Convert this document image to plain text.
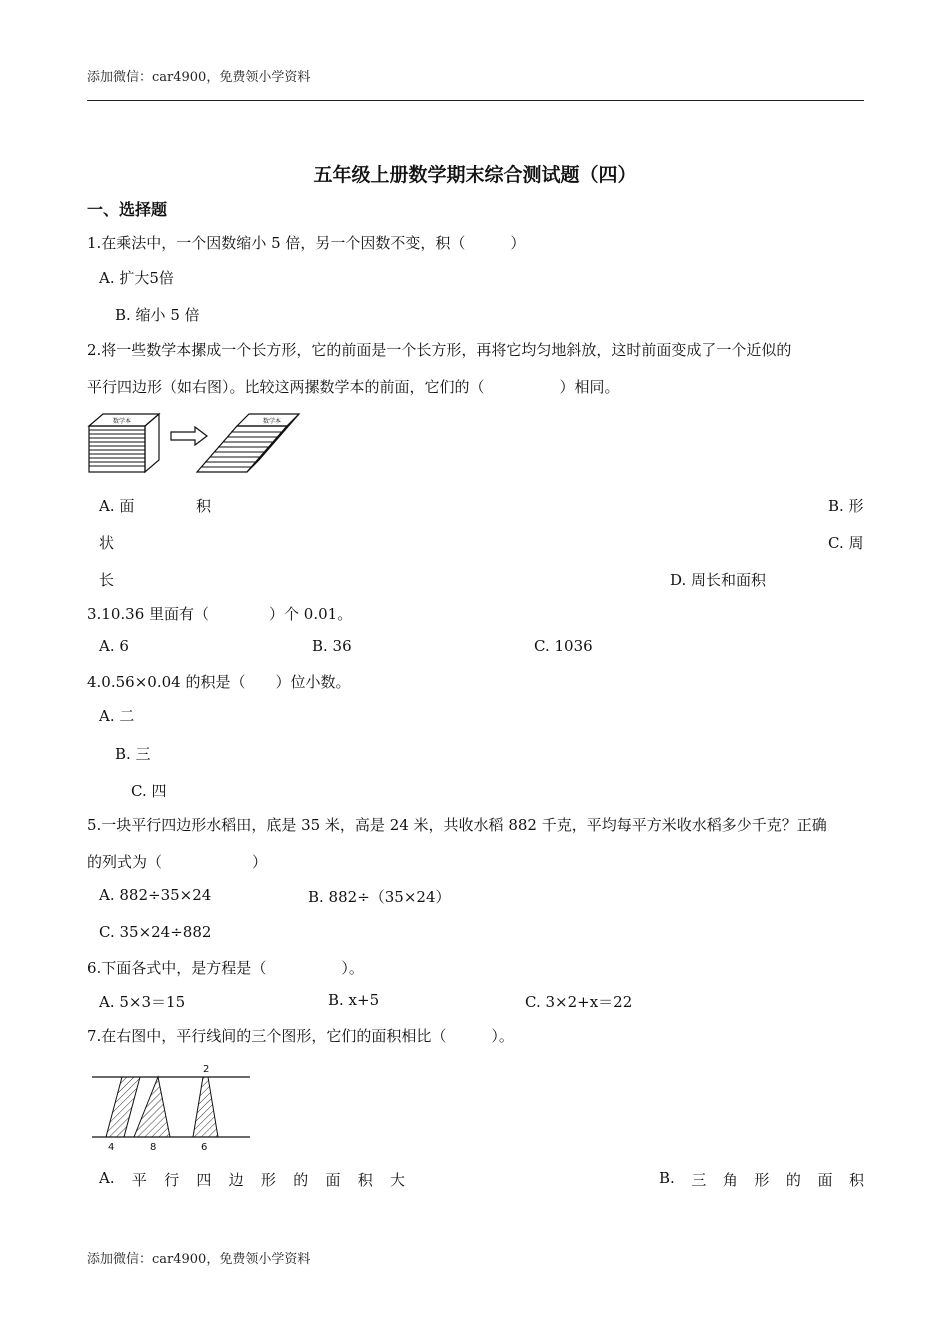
添加微信：car4900，免费领小学资料
五年级上册数学期末综合测试题（四）
一、选择题
1.在乘法中，一个因数缩小 5 倍，另一个因数不变，积（　　　）
A. 扩大5倍
B. 缩小 5 倍
2.将一些数学本摞成一个长方形，它的前面是一个长方形，再将它均匀地斜放，这时前面变成了一个近似的
平行四边形（如右图）。比较这两摞数学本的前面，它们的（　　　　　）相同。
数学本	数学本
A. 面	积	B. 形
状	C. 周
长	D. 周长和面积
3.10.36 里面有（　　　　）个 0.01。
A. 6	B. 36	C. 1036
4.0.56×0.04 的积是（　　）位小数。
A. 二
B. 三
C. 四
5.一块平行四边形水稻田，底是 35 米，高是 24 米，共收水稻 882 千克，平均每平方米收水稻多少千克？正确
的列式为（　　　　　　）
A. 882÷35×24	B. 882÷（35×24）
C. 35×24÷882
6.下面各式中，是方程是（　　　　　）。
A. 5×3＝15	B. x+5	C. 3×2+x＝22
7.在右图中，平行线间的三个图形，它们的面积相比（　　　）。
4	8	6
2
A. 平 行 四 边 形 的 面 积 大	B. 三 角 形 的 面 积
添加微信：car4900，免费领小学资料
